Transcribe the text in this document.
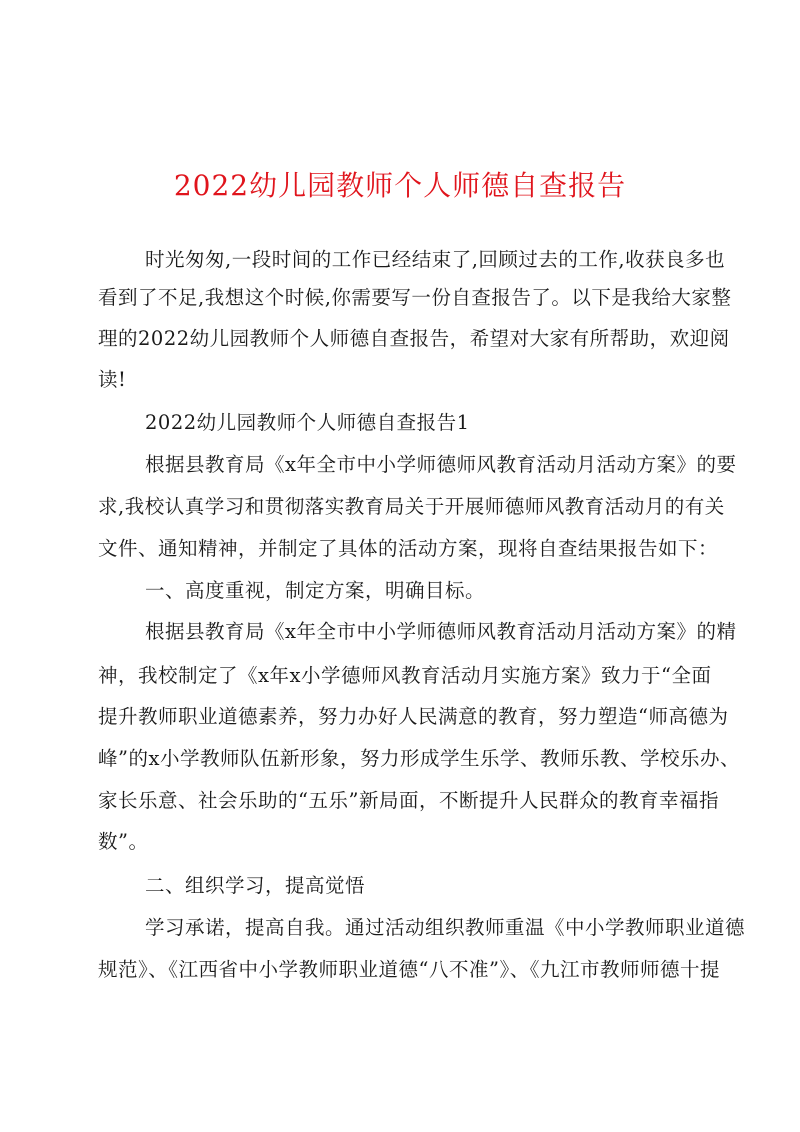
2022幼儿园教师个人师德自查报告
时光匆匆,一段时间的工作已经结束了,回顾过去的工作,收获良多也
看到了不足,我想这个时候,你需要写一份自查报告了。以下是我给大家整
理的2022幼儿园教师个人师德自查报告，希望对大家有所帮助，欢迎阅
读!
2022幼儿园教师个人师德自查报告1
根据县教育局《x年全市中小学师德师风教育活动月活动方案》的要
求,我校认真学习和贯彻落实教育局关于开展师德师风教育活动月的有关
文件、通知精神，并制定了具体的活动方案，现将自查结果报告如下：
一、高度重视，制定方案，明确目标。
根据县教育局《x年全市中小学师德师风教育活动月活动方案》的精
神，我校制定了《x年x小学德师风教育活动月实施方案》致力于“全面
提升教师职业道德素养，努力办好人民满意的教育，努力塑造“师高德为
峰”的x小学教师队伍新形象，努力形成学生乐学、教师乐教、学校乐办、
家长乐意、社会乐助的“五乐”新局面，不断提升人民群众的教育幸福指
数”。
二、组织学习，提高觉悟
学习承诺，提高自我。通过活动组织教师重温《中小学教师职业道德
规范》、《江西省中小学教师职业道德“八不准”》、《九江市教师师德十提
